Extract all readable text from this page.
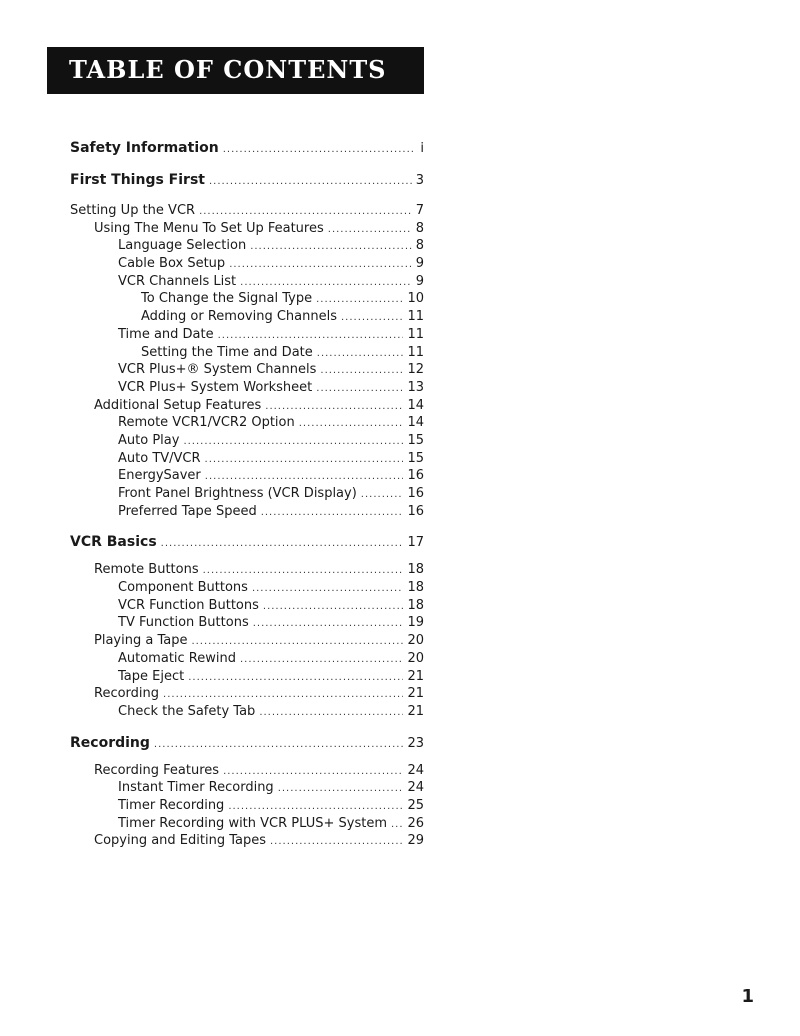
TABLE OF CONTENTS
Safety Information .....	i
First Things First .....	3
Setting Up the VCR .....	7
Using The Menu To Set Up Features .....	8
Language Selection .....	8
Cable Box Setup .....	9
VCR Channels List .....	9
To Change the Signal Type .....	10
Adding or Removing Channels .....	11
Time and Date .....	11
Setting the Time and Date .....	11
VCR Plus+® System Channels .....	12
VCR Plus+ System Worksheet .....	13
Additional Setup Features .....	14
Remote VCR1/VCR2 Option .....	14
Auto Play .....	15
Auto TV/VCR .....	15
EnergySaver .....	16
Front Panel Brightness (VCR Display) .....	16
Preferred Tape Speed .....	16
VCR Basics .....	17
Remote Buttons .....	18
Component Buttons .....	18
VCR Function Buttons .....	18
TV Function Buttons .....	19
Playing a Tape .....	20
Automatic Rewind .....	20
Tape Eject .....	21
Recording .....	21
Check the Safety Tab .....	21
Recording .....	23
Recording Features .....	24
Instant Timer Recording .....	24
Timer Recording .....	25
Timer Recording with VCR PLUS+ System .....	26
Copying and Editing Tapes .....	29
1
